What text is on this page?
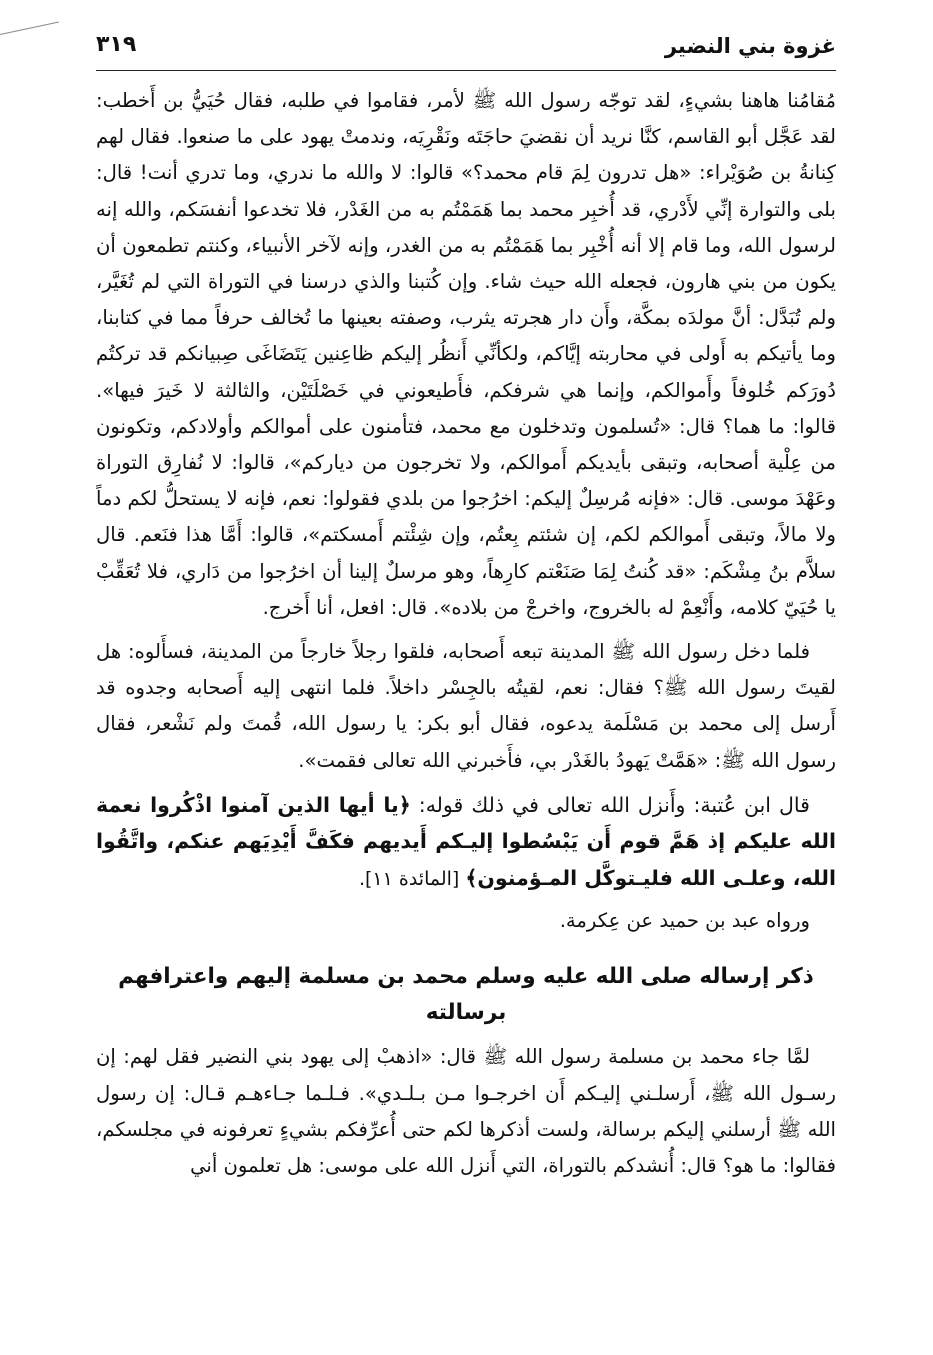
غزوة بني النضير
٣١٩

مُقامُنا هاهنا بشيءٍ، لقد توجّه رسول الله ﷺ لأمر، فقاموا في طلبه، فقال حُيَيُّ بن أَخطب: لقد عَجَّل أبو القاسم، كنَّا نريد أن نقضيَ حاجَتَه ونَقْرِيَه، وندمتْ يهود على ما صنعوا. فقال لهم كِنانةُ بن صُوَيْراء: «هل تدرون لِمَ قام محمد؟» قالوا: لا والله ما ندري، وما تدري أنت! قال: بلى والتوارة إنِّي لأَدْري، قد أُخبِر محمد بما هَمَمْتُم به من الغَدْر، فلا تخدعوا أنفسَكم، والله إنه لرسول الله، وما قام إلا أنه أُخْبِر بما هَمَمْتُم به من الغدر، وإنه لآخر الأنبياء، وكنتم تطمعون أن يكون من بني هارون، فجعله الله حيث شاء. وإن كُتبنا والذي درسنا في التوراة التي لم تُغَيَّر، ولم تُبَدَّل: أنَّ مولدَه بمكَّة، وأَن دار هجرته يثرب، وصفته بعينها ما تُخالف حرفاً مما في كتابنا، وما يأتيكم به أَولى في محاربته إيَّاكم، ولكأنِّي أَنظُر إليكم ظاعِنين يَتَضَاغَى صِبيانكم قد تركتُم دُورَكم خُلوفاً وأَموالكم، وإنما هي شرفكم، فأَطيعوني في خَصْلَتَيْن، والثالثة لا خَيرَ فيها». قالوا: ما هما؟ قال: «تُسلمون وتدخلون مع محمد، فتأمنون على أموالكم وأولادكم، وتكونون من عِلْية أصحابه، وتبقى بأيديكم أَموالكم، ولا تخرجون من دياركم»، قالوا: لا نُفارِق التوراة وعَهْدَ موسى. قال: «فإنه مُرسِلٌ إليكم: اخرُجوا من بلدي فقولوا: نعم، فإنه لا يستحلُّ لكم دماً ولا مالاً، وتبقى أَموالكم لكم، إن شئتم بِعتُم، وإن شِئْتم أَمسكتم»، قالوا: أَمَّا هذا فنَعم. قال سلاَّم بنُ مِشْكَم: «قد كُنتُ لِمَا صَنَعْتم كارِهاً، وهو مرسلٌ إلينا أن اخرُجوا من دَاري، فلا تُعَقِّبْ يا حُيَيّ كلامه، وأَنْعِمْ له بالخروج، واخرجْ من بلاده». قال: افعل، أنا أَخرج.

فلما دخل رسول الله ﷺ المدينة تبعه أَصحابه، فلقوا رجلاً خارجاً من المدينة، فسأَلوه: هل لقيتَ رسول الله ﷺ؟ فقال: نعم، لقيتُه بالجِسْر داخلاً. فلما انتهى إليه أَصحابه وجدوه قد أَرسل إلى محمد بن مَسْلَمة يدعوه، فقال أبو بكر: يا رسول الله، قُمتَ ولم نَشْعر، فقال رسول الله ﷺ: «هَمَّتْ يَهودُ بالغَدْر بي، فأَخبرني الله تعالى فقمت».

قال ابن عُتبة: وأَنزل الله تعالى في ذلك قوله: ﴿يا أيها الذين آمنوا اذْكُروا نعمة الله عليكم إذ هَمَّ قوم أَن يَبْسُطوا إليـكم أَيديهم فكَفَّ أَيْدِيَهم عنكم، واتَّقُوا الله، وعلـى الله فليـتوكَّل المـؤمنون﴾ [المائدة ١١].

ورواه عبد بن حميد عن عِكرمة.

ذكر إرساله صلى الله عليه وسلم محمد بن مسلمة إليهم واعترافهم برسالته

لمَّا جاء محمد بن مسلمة رسول الله ﷺ قال: «اذهبْ إلى يهود بني النضير فقل لهم: إن رسـول الله ﷺ، أَرسلـني إليـكم أَن اخرجـوا مـن بـلـدي». فـلـما جـاءهـم قـال: إن رسول الله ﷺ أرسلني إليكم برسالة، ولست أذكرها لكم حتى أُعرِّفكم بشيءٍ تعرفونه في مجلسكم، فقالوا: ما هو؟ قال: أُنشدكم بالتوراة، التي أَنزل الله على موسى: هل تعلمون أني
